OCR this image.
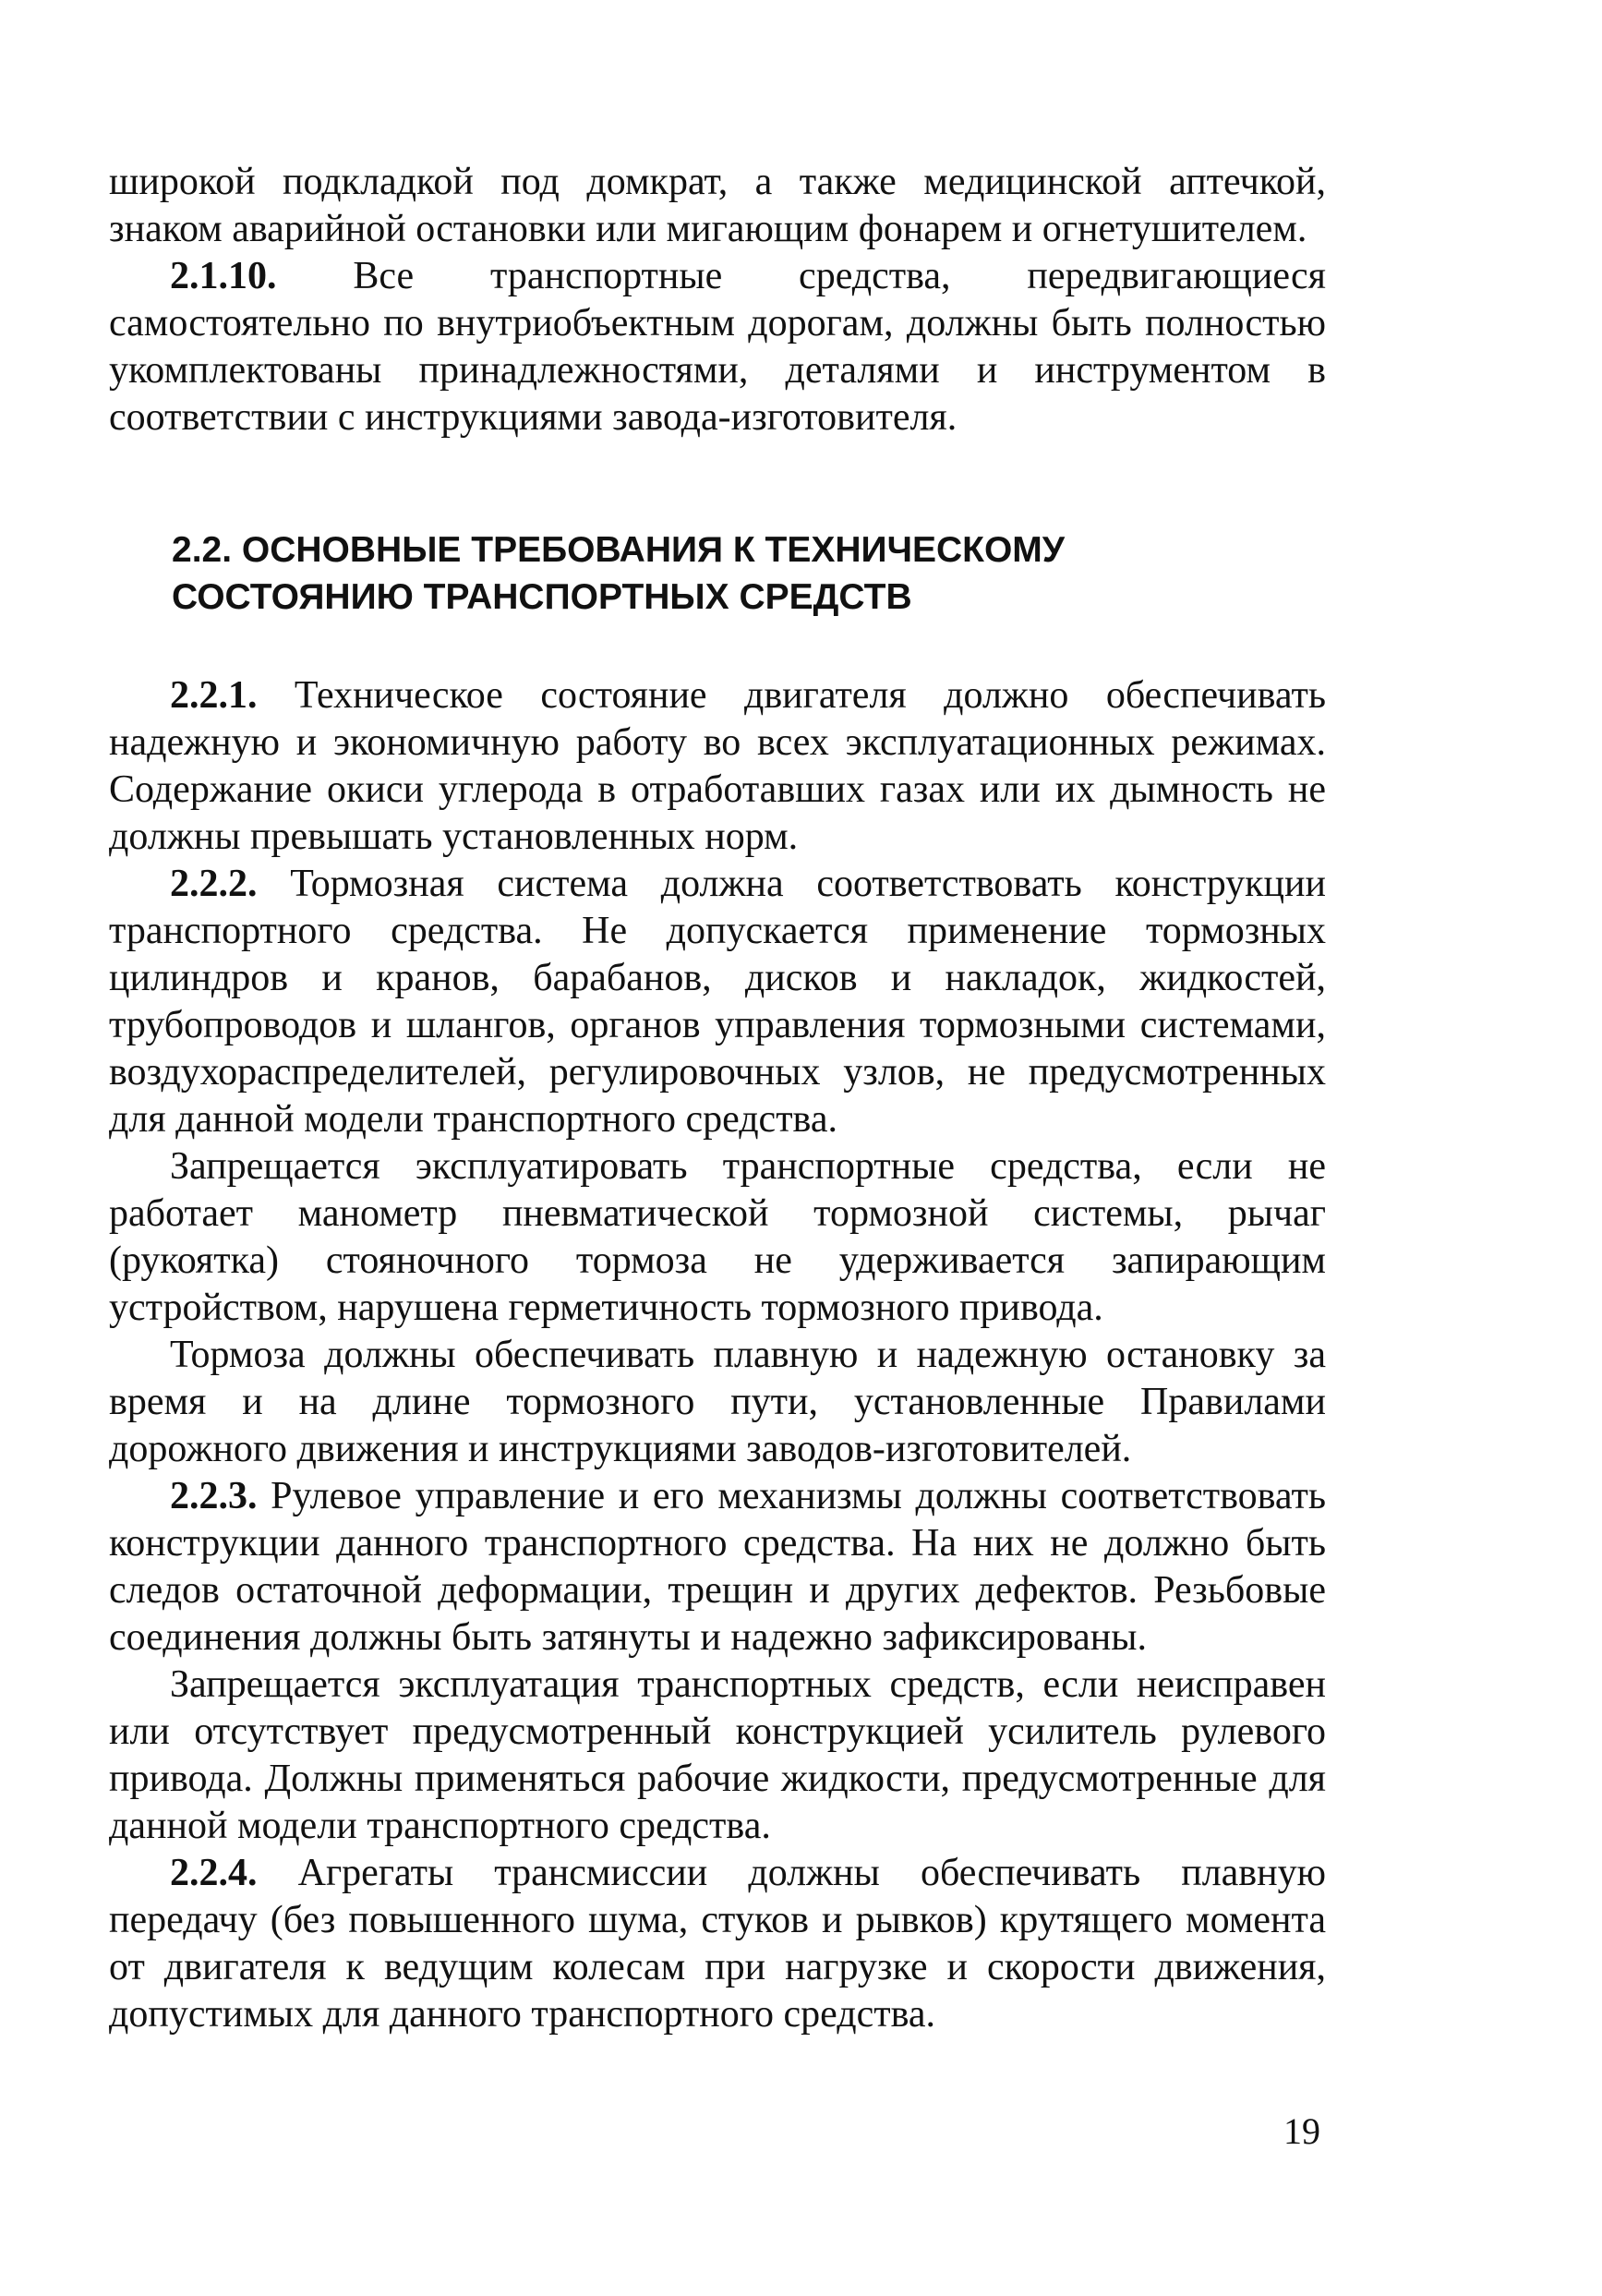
широкой подкладкой под домкрат, а также медицинской аптечкой, знаком аварийной остановки или мигающим фонарем и огнетушителем.

2.1.10. Все транспортные средства, передвигающиеся самостоятельно по внутриобъектным дорогам, должны быть полностью укомплектованы принадлежностями, деталями и инструментом в соответствии с инструкциями завода-изготовителя.

2.2. ОСНОВНЫЕ ТРЕБОВАНИЯ К ТЕХНИЧЕСКОМУ
СОСТОЯНИЮ ТРАНСПОРТНЫХ СРЕДСТВ

2.2.1. Техническое состояние двигателя должно обеспечивать надежную и экономичную работу во всех эксплуатационных режимах. Содержание окиси углерода в отработавших газах или их дымность не должны превышать установленных норм.

2.2.2. Тормозная система должна соответствовать конструкции транспортного средства. Не допускается применение тормозных цилиндров и кранов, барабанов, дисков и накладок, жидкостей, трубопроводов и шлангов, органов управления тормозными системами, воздухораспределителей, регулировочных узлов, не предусмотренных для данной модели транспортного средства.

Запрещается эксплуатировать транспортные средства, если не работает манометр пневматической тормозной системы, рычаг (рукоятка) стояночного тормоза не удерживается запирающим устройством, нарушена герметичность тормозного привода.

Тормоза должны обеспечивать плавную и надежную остановку за время и на длине тормозного пути, установленные Правилами дорожного движения и инструкциями заводов-изготовителей.

2.2.3. Рулевое управление и его механизмы должны соответствовать конструкции данного транспортного средства. На них не должно быть следов остаточной деформации, трещин и других дефектов. Резьбовые соединения должны быть затянуты и надежно зафиксированы.

Запрещается эксплуатация транспортных средств, если неисправен или отсутствует предусмотренный конструкцией усилитель рулевого привода. Должны применяться рабочие жидкости, предусмотренные для данной модели транспортного средства.

2.2.4. Агрегаты трансмиссии должны обеспечивать плавную передачу (без повышенного шума, стуков и рывков) крутящего момента от двигателя к ведущим колесам при нагрузке и скорости движения, допустимых для данного транспортного средства.

19
